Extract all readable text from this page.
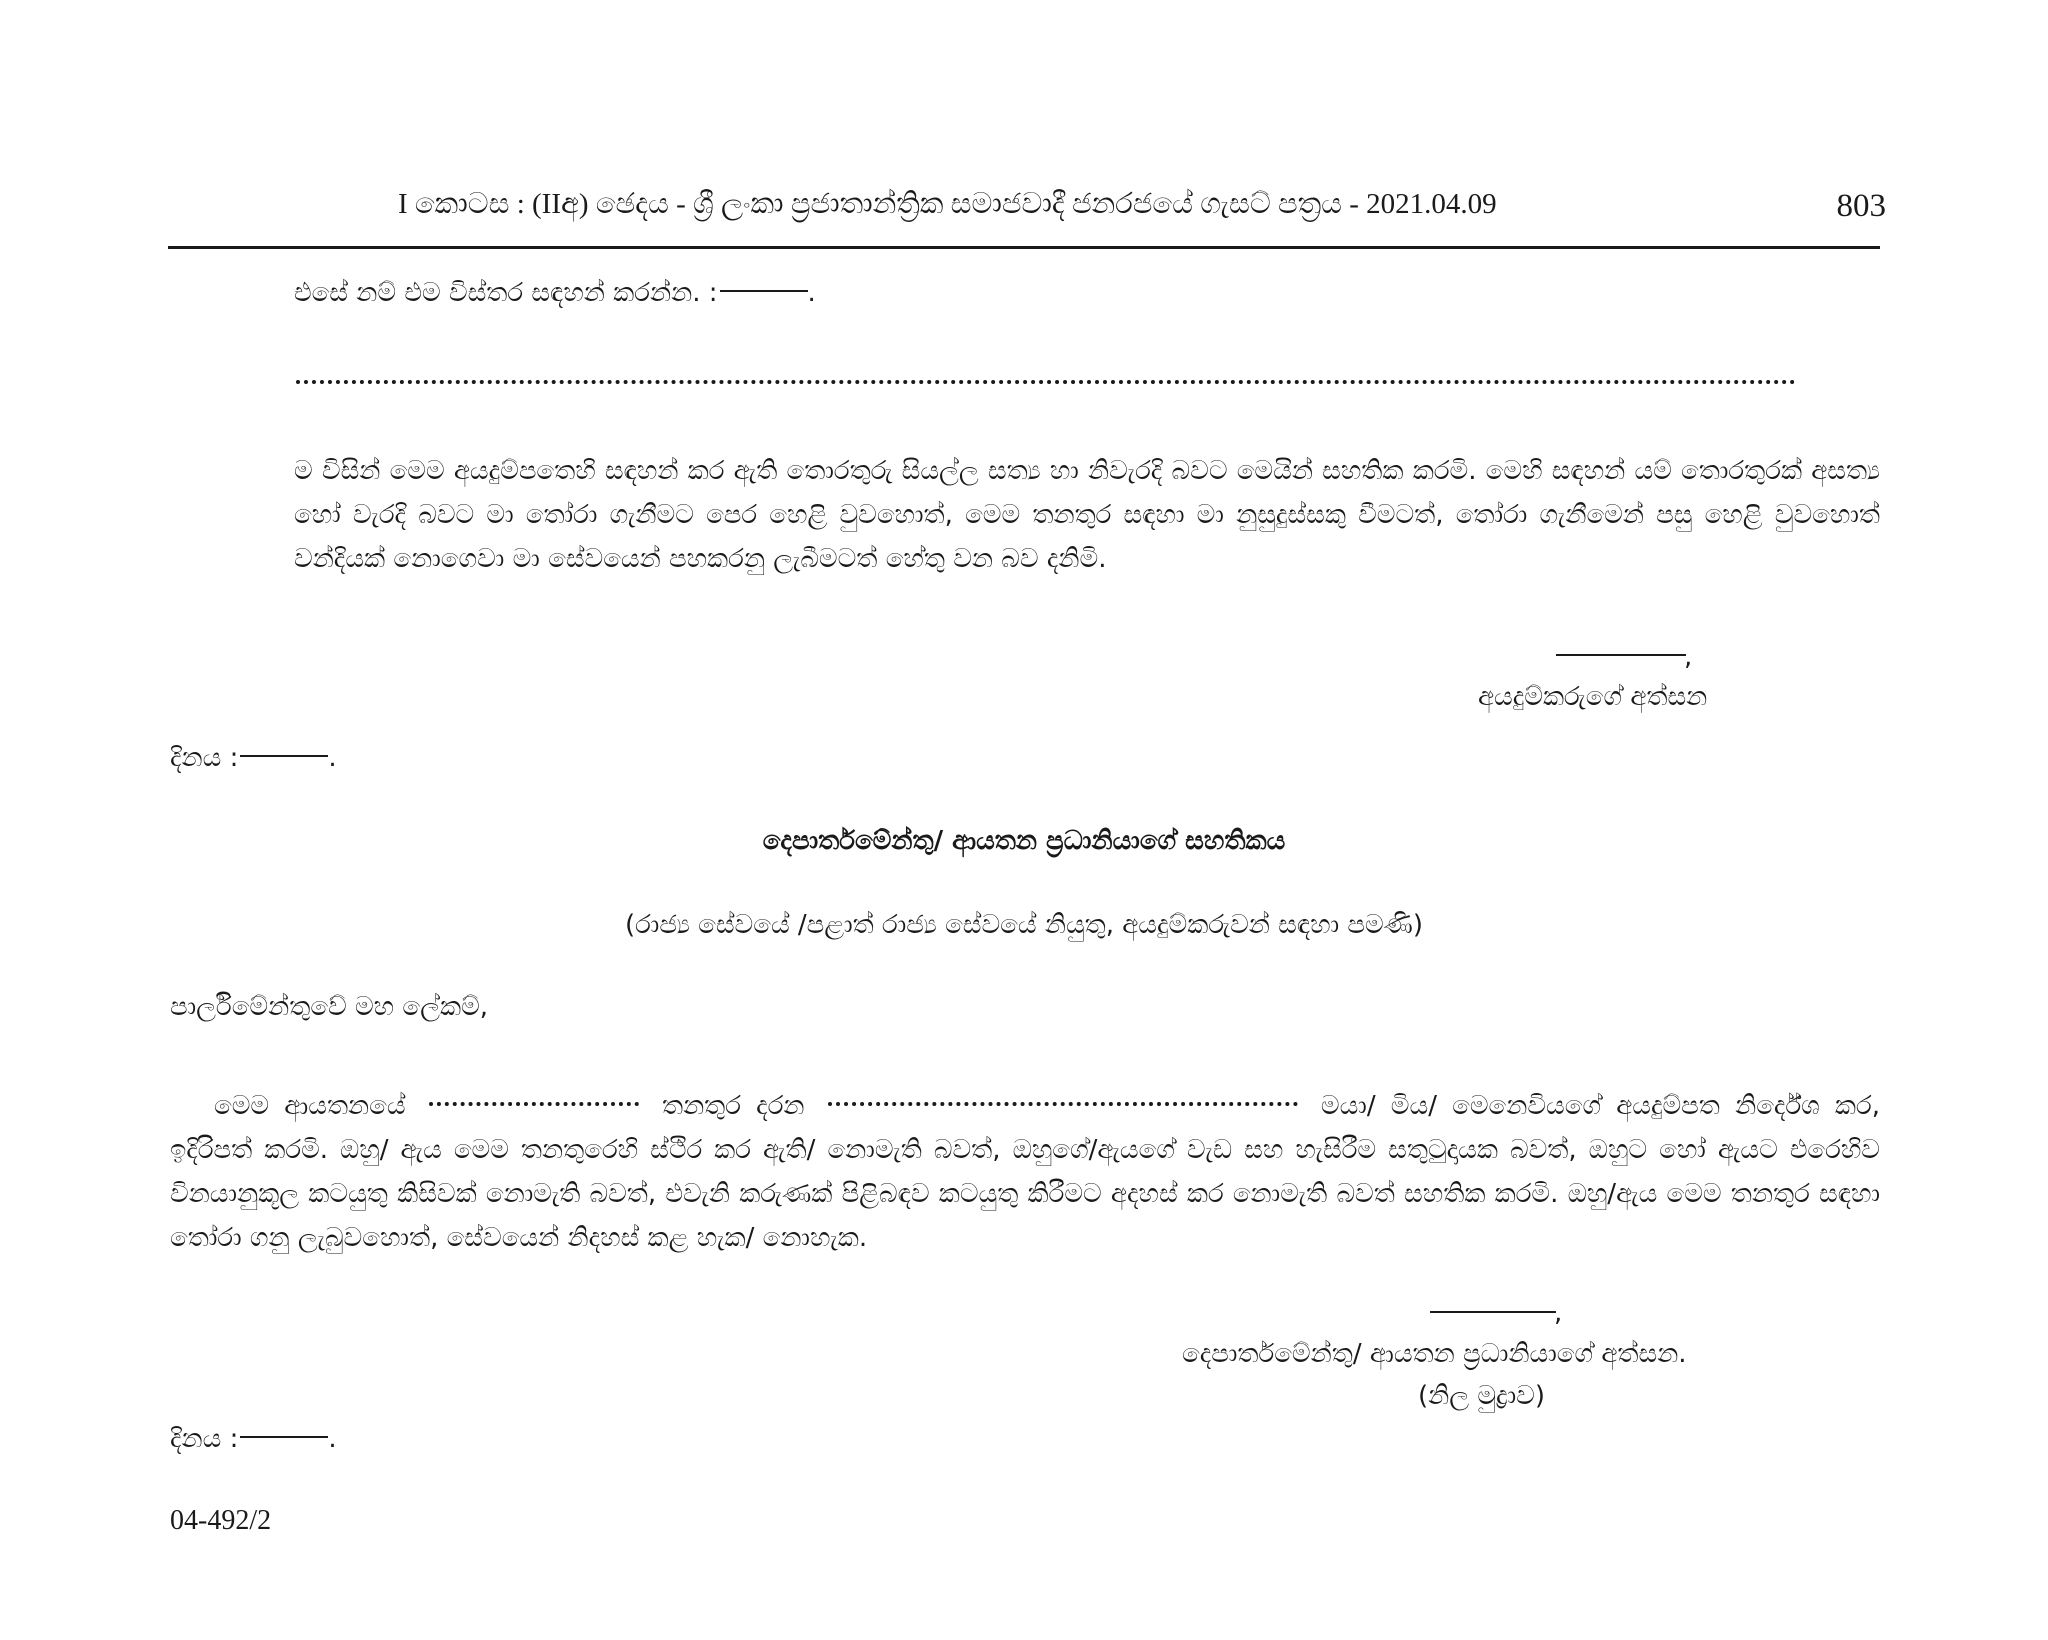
I කොටස : (IIඅ) ඡෙදය - ශ්‍රී ලංකා ප්‍රජාතාන්ත්‍රික සමාජවාදී ජනරජයේ ගැසට් පත්‍රය - 2021.04.09	803
එසේ නම් එම විස්තර සඳහන් කරන්න. :	.
ම විසින් මෙම අයදුම්පතෙහි සඳහන් කර ඇති තොරතුරු සියල්ල සත්‍ය හා නිවැරදි බවට මෙයින් සහතික කරමි. මෙහි සඳහන් යම් තොරතුරක් අසත්‍ය හෝ වැරදි බවට මා තෝරා ගැනීමට පෙර හෙළි වුවහොත්, මෙම තනතුර සඳහා මා නුසුදුස්සකු වීමටත්, තෝරා ගැනීමෙන් පසු හෙළි වුවහොත් වන්දියක් නොගෙවා මා සේවයෙන් පහකරනු ලැබීමටත් හේතු වන බව දනිමි.
,
අයදුම්කරුගේ අත්සන
දිනය :	.
දෙපාර්තමේන්තු/ ආයතන ප්‍රධානියාගේ සහතිකය
(රාජ්‍ය සේවයේ /පළාත් රාජ්‍ය සේවයේ නියුතු, අයදුම්කරුවන් සඳහා පමණි)
පාර්ලිමේන්තුවේ මහ ලේකම්,
මෙම ආයතනයේ	තනතුර දරන	මයා/ මිය/ මෙනෙවියගේ අයදුම්පත නිර්දේශ කර, ඉදිරිපත් කරමි. ඔහු/ ඇය මෙම තනතුරෙහි ස්ථිර කර ඇති/ නොමැති බවත්, ඔහුගේ/ඇයගේ වැඩ සහ හැසිරීම සතුටුදායක බවත්, ඔහුට හෝ ඇයට එරෙහිව විනයානුකූල කටයුතු කිසිවක් නොමැති බවත්, එවැනි කරුණක් පිළිබඳව කටයුතු කිරීමට අදහස් කර නොමැති බවත් සහතික කරමි. ඔහු/ඇය මෙම තනතුර සඳහා තෝරා ගනු ලැබුවහොත්, සේවයෙන් නිදහස් කළ හැක/ නොහැක.
,
දෙපාර්තමේන්තු/ ආයතන ප්‍රධානියාගේ අත්සන.
(නිල මුද්‍රාව)
දිනය :	.
04-492/2
